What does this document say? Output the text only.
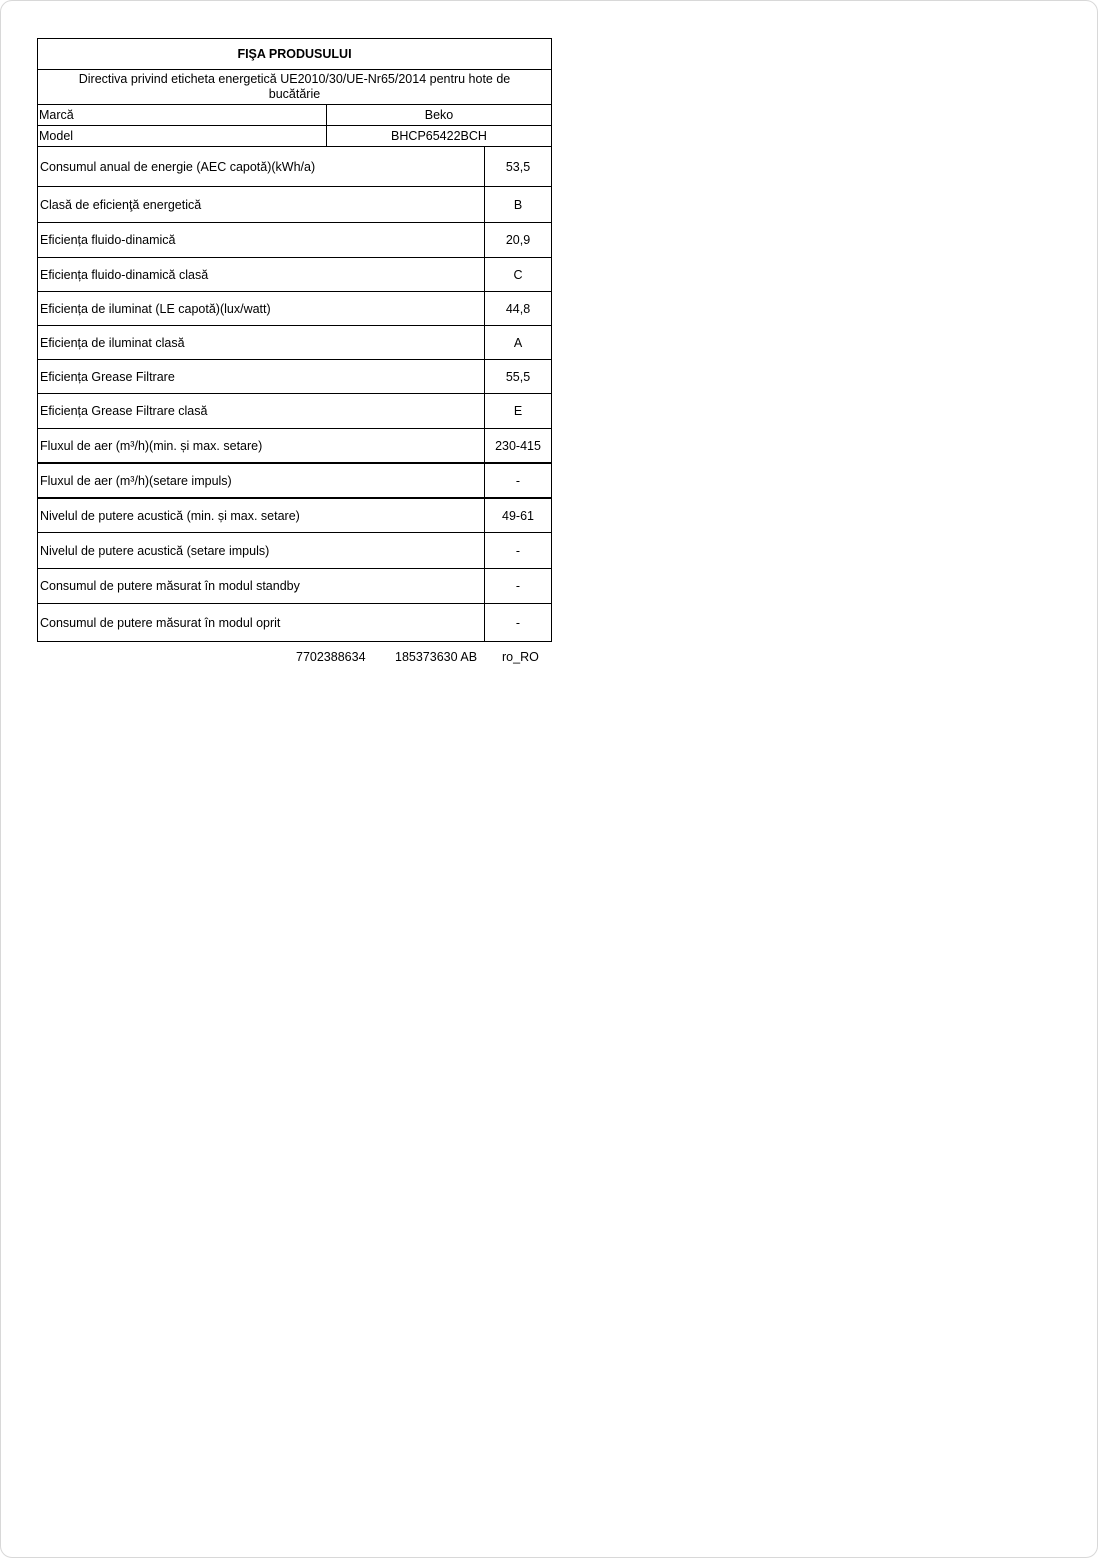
FIŞA PRODUSULUI
Directiva privind eticheta energetică UE2010/30/UE-Nr65/2014 pentru hote de bucătărie
Marcă	Beko
Model	BHCP65422BCH
Consumul anual de energie (AEC capotă)(kWh/a)	53,5
Clasă de eficienţă energetică	B
Eficiența fluido-dinamică	20,9
Eficiența fluido-dinamică clasă	C
Eficiența de iluminat (LE capotă)(lux/watt)	44,8
Eficiența de iluminat clasă	A
Eficiența Grease Filtrare	55,5
Eficiența Grease Filtrare clasă	E
Fluxul de aer (m³/h)(min. și max. setare)	230-415
Fluxul de aer (m³/h)(setare impuls)	-
Nivelul de putere acustică (min. și max. setare)	49-61
Nivelul de putere acustică (setare impuls)	-
Consumul de putere măsurat în modul standby	-
Consumul de putere măsurat în modul oprit	-
7702388634	185373630 AB	ro_RO
